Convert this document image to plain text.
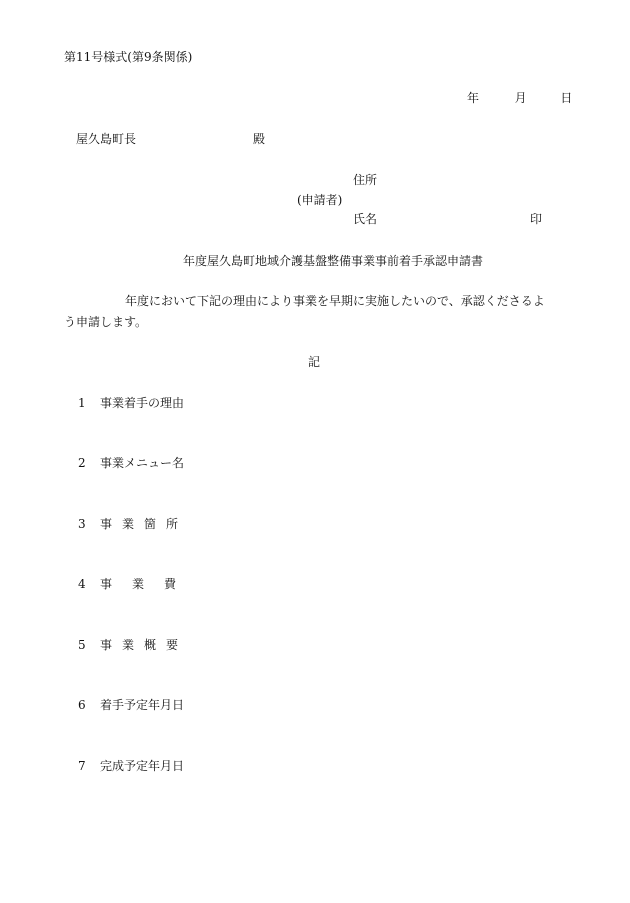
第11号様式(第9条関係)
年	月	日
屋久島町長	殿
住所
(申請者)
氏名	印
年度屋久島町地域介護基盤整備事業事前着手承認申請書
年度において下記の理由により事業を早期に実施したいので、承認くださるよ
う申請します。
記
1 事業着手の理由
2 事業メニュー名
3 事業箇所
4 事業費
5 事業概要
6 着手予定年月日
7 完成予定年月日
